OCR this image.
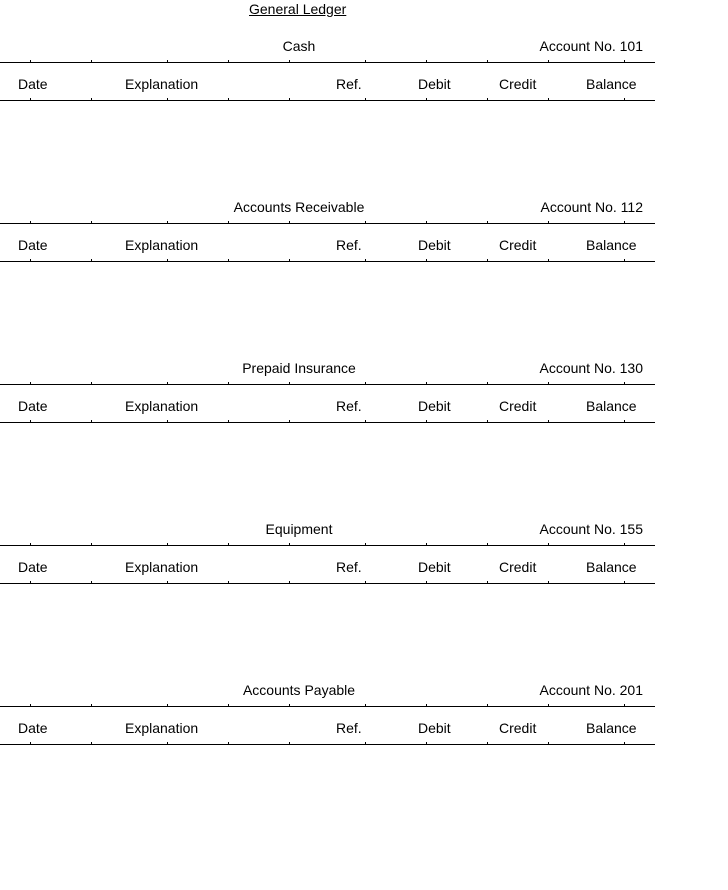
General Ledger
Cash	Account No. 101
Date	Explanation	Ref.	Debit	Credit	Balance
Accounts Receivable	Account No. 112
Date	Explanation	Ref.	Debit	Credit	Balance
Prepaid Insurance	Account No. 130
Date	Explanation	Ref.	Debit	Credit	Balance
Equipment	Account No. 155
Date	Explanation	Ref.	Debit	Credit	Balance
Accounts Payable	Account No. 201
Date	Explanation	Ref.	Debit	Credit	Balance
